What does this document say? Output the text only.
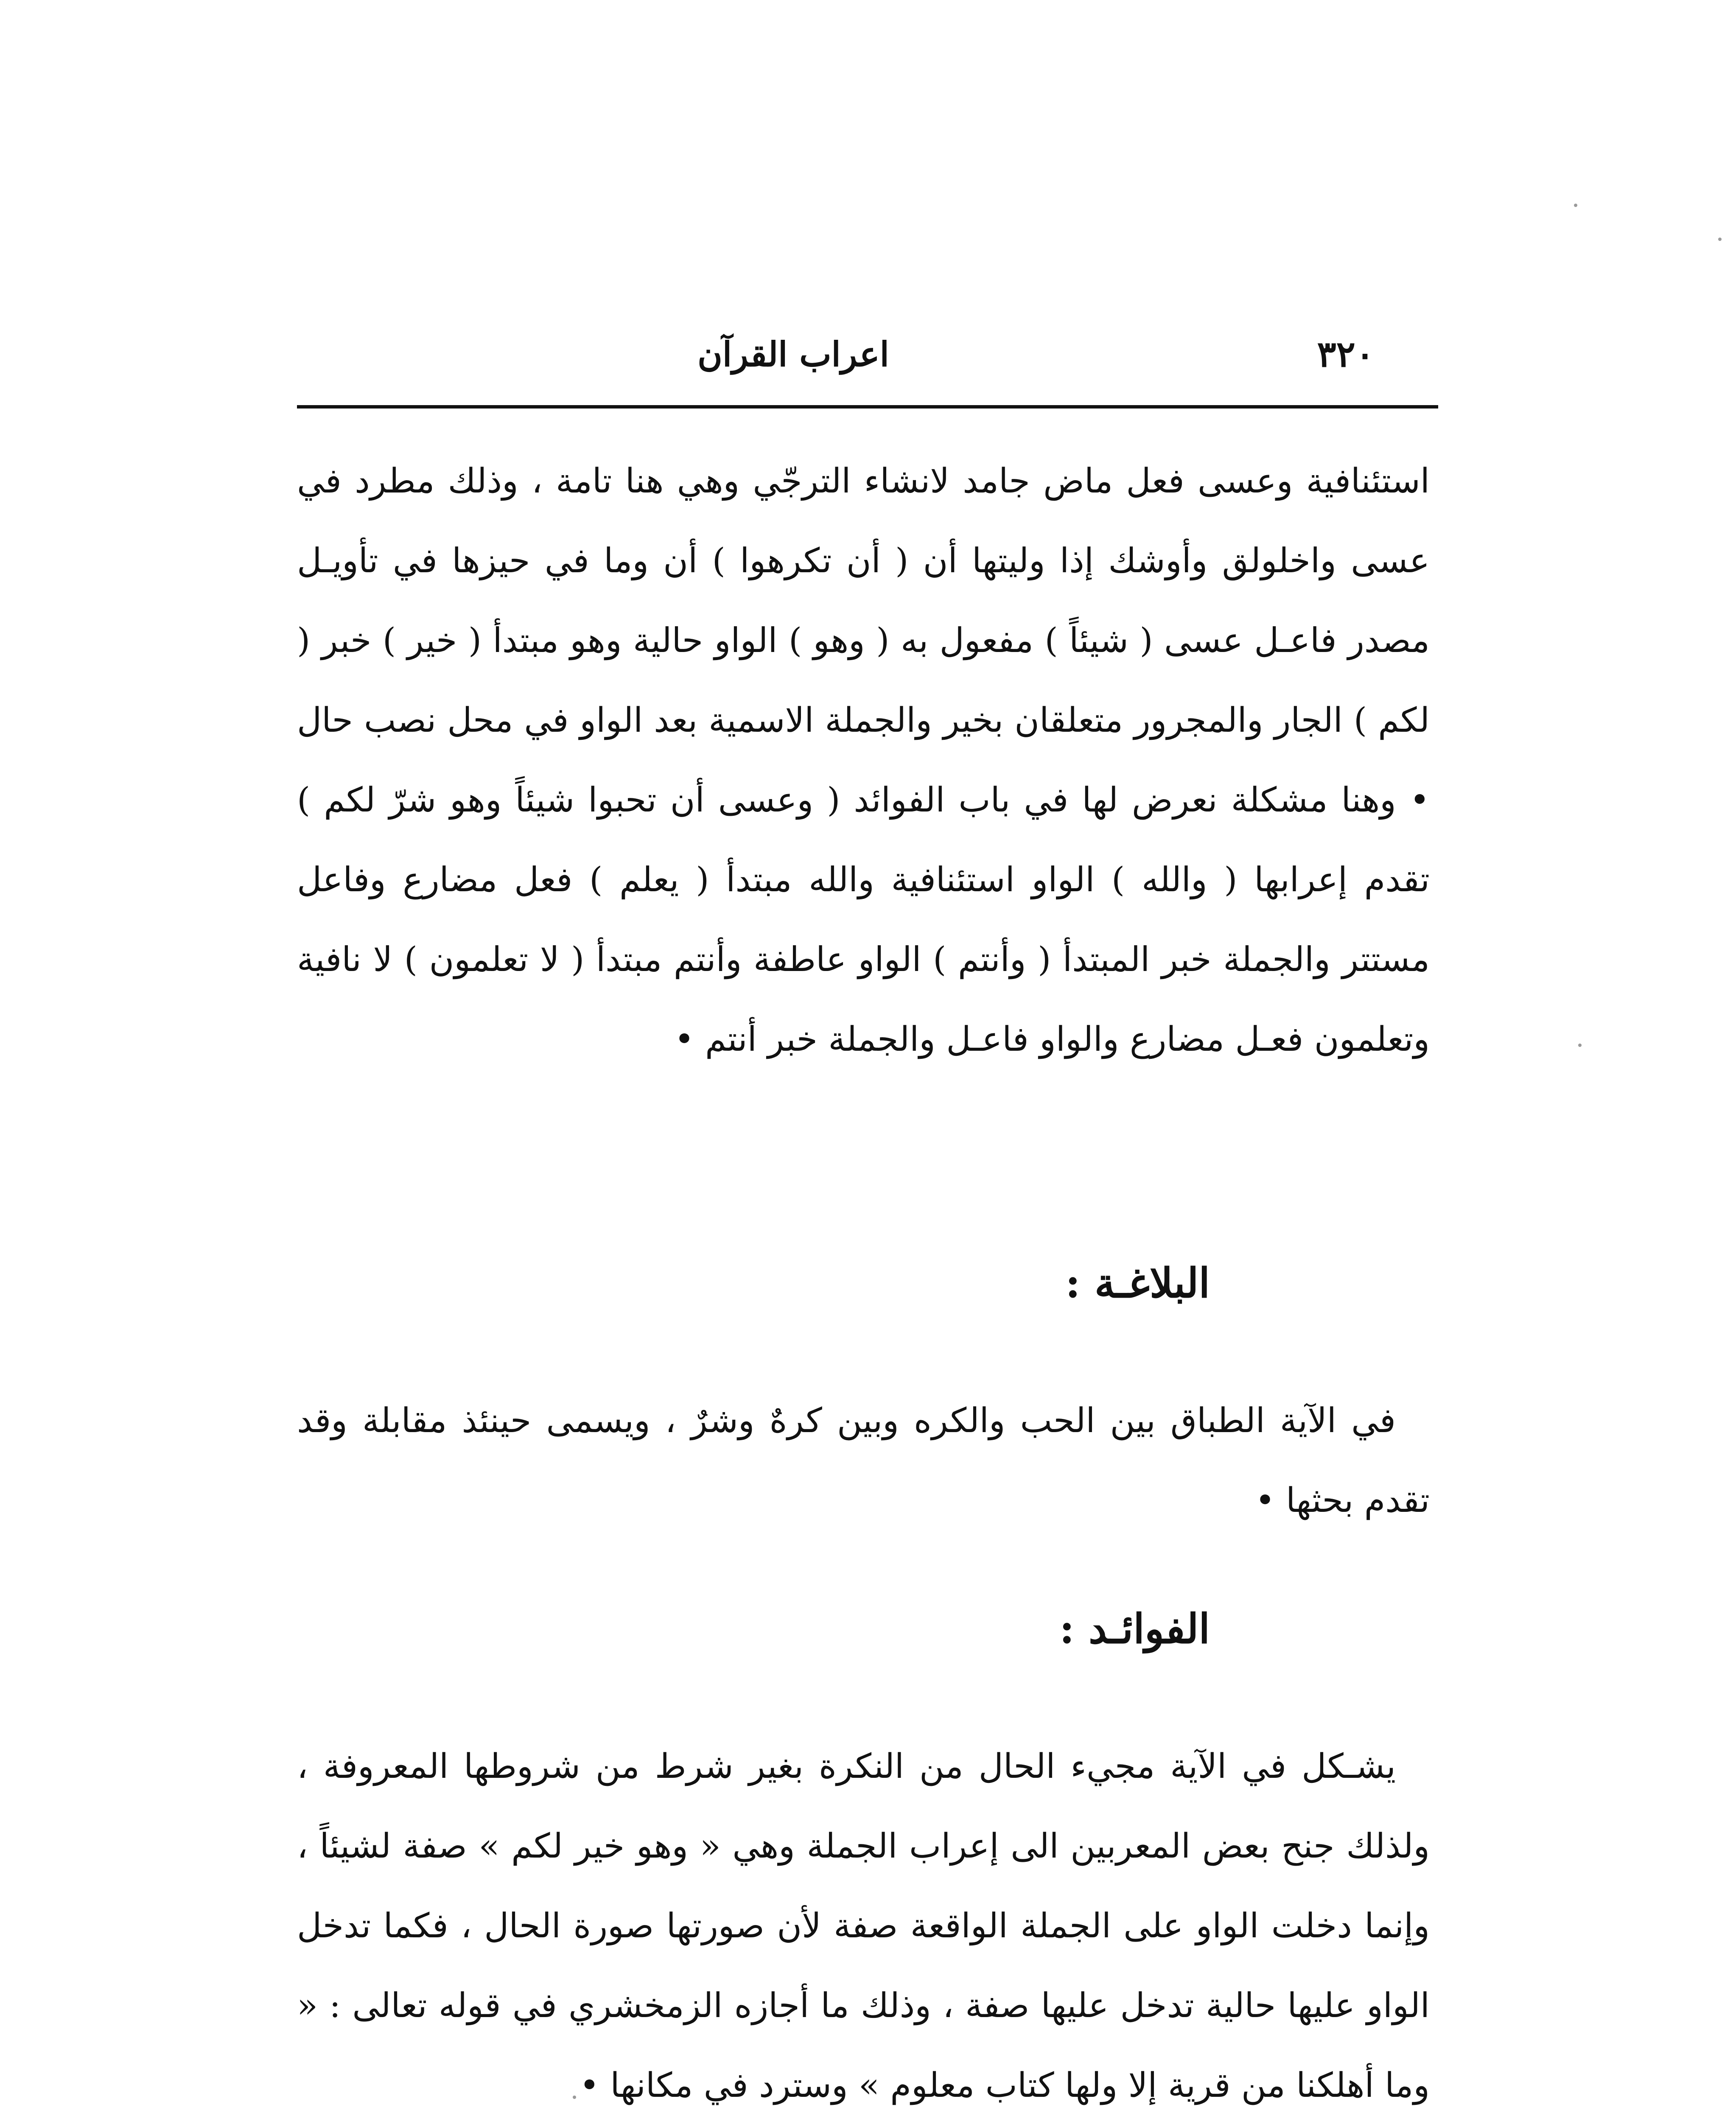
٣٢٠
اعراب القرآن

استئنافية وعسى فعل ماض جامد لانشاء الترجّي وهي هنا تامة ، وذلك مطرد في عسى واخلولق وأوشك إذا وليتها أن ( أن تكرهوا ) أن وما في حيزها في تأويـل مصدر فاعـل عسى ( شيئاً ) مفعول به ( وهو ) الواو حالية وهو مبتدأ ( خير ) خبر ( لكم ) الجار والمجرور متعلقان بخير والجملة الاسمية بعد الواو في محل نصب حال • وهنا مشكلة نعرض لها في باب الفوائد ( وعسى أن تحبوا شيئاً وهو شرّ لكم ) تقدم إعرابها ( والله ) الواو استئنافية والله مبتدأ ( يعلم ) فعل مضارع وفاعل مستتر والجملة خبر المبتدأ ( وأنتم ) الواو عاطفة وأنتم مبتدأ ( لا تعلمون ) لا نافية وتعلمون فعـل مضارع والواو فاعـل والجملة خبر أنتم •

البلاغـة :

في الآية الطباق بين الحب والكره وبين كرهٌ وشرٌ ، ويسمى حينئذ مقابلة وقد تقدم بحثها •

الفوائـد :

يشـكل في الآية مجيء الحال من النكرة بغير شرط من شروطها المعروفة ، ولذلك جنح بعض المعربين الى إعراب الجملة وهي « وهو خير لكم » صفة لشيئاً ، وإنما دخلت الواو على الجملة الواقعة صفة لأن صورتها صورة الحال ، فكما تدخل الواو عليها حالية تدخل عليها صفة ، وذلك ما أجازه الزمخشري في قوله تعالى : « وما أهلكنا من قرية إلا ولها كتاب معلوم » وسترد في مكانها •
